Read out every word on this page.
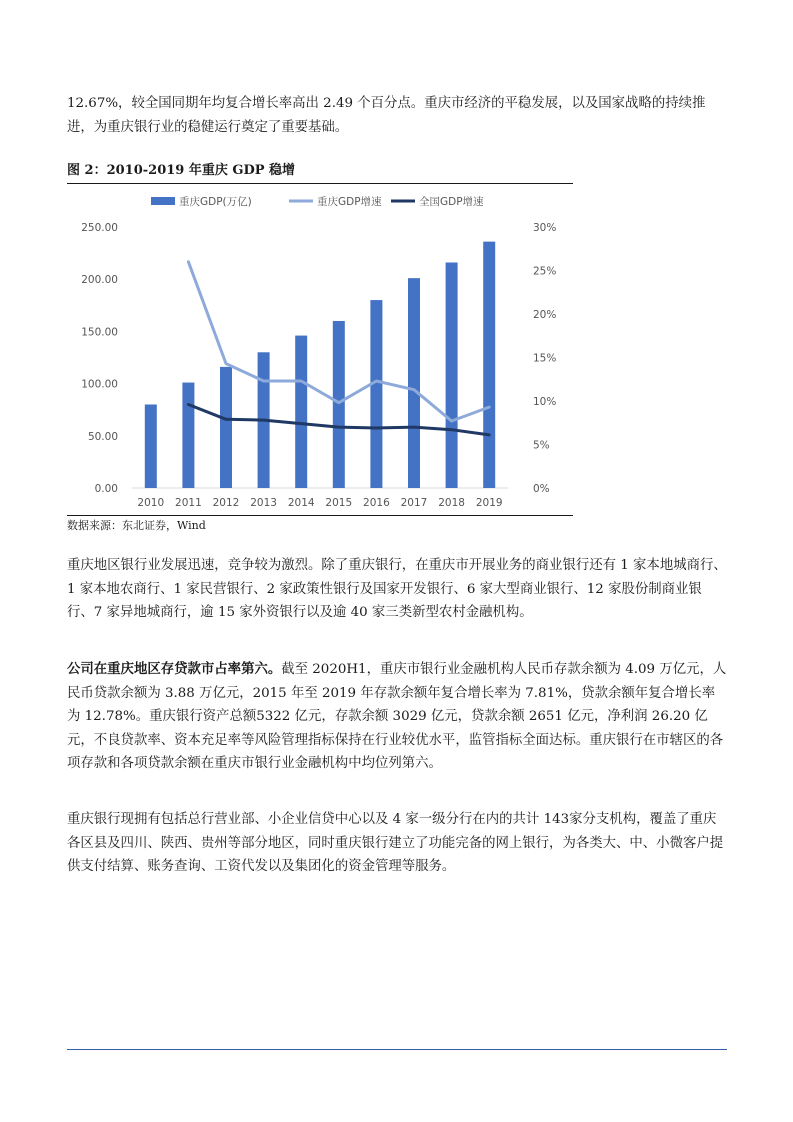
12.67%，较全国同期年均复合增长率高出 2.49 个百分点。重庆市经济的平稳发展，以及国家战略的持续推进，为重庆银行业的稳健运行奠定了重要基础。

图 2：2010-2019 年重庆 GDP 稳增
重庆GDP(万亿)	重庆GDP增速	全国GDP增速
0.00
50.00
100.00
150.00
200.00
250.00
0%
5%
10%
15%
20%
25%
30%
2010 2011 2012 2013 2014 2015 2016 2017 2018 2019
数据来源：东北证券，Wind

重庆地区银行业发展迅速，竞争较为激烈。除了重庆银行，在重庆市开展业务的商业银行还有 1 家本地城商行、1 家本地农商行、1 家民营银行、2 家政策性银行及国家开发银行、6 家大型商业银行、12 家股份制商业银行、7 家异地城商行，逾 15 家外资银行以及逾 40 家三类新型农村金融机构。

公司在重庆地区存贷款市占率第六。截至 2020H1，重庆市银行业金融机构人民币存款余额为 4.09 万亿元，人民币贷款余额为 3.88 万亿元，2015 年至 2019 年存款余额年复合增长率为 7.81%，贷款余额年复合增长率为 12.78%。重庆银行资产总额5322 亿元，存款余额 3029 亿元，贷款余额 2651 亿元，净利润 26.20 亿元，不良贷款率、资本充足率等风险管理指标保持在行业较优水平，监管指标全面达标。重庆银行在市辖区的各项存款和各项贷款余额在重庆市银行业金融机构中均位列第六。

重庆银行现拥有包括总行营业部、小企业信贷中心以及 4 家一级分行在内的共计 143家分支机构，覆盖了重庆各区县及四川、陕西、贵州等部分地区，同时重庆银行建立了功能完备的网上银行，为各类大、中、小微客户提供支付结算、账务查询、工资代发以及集团化的资金管理等服务。
